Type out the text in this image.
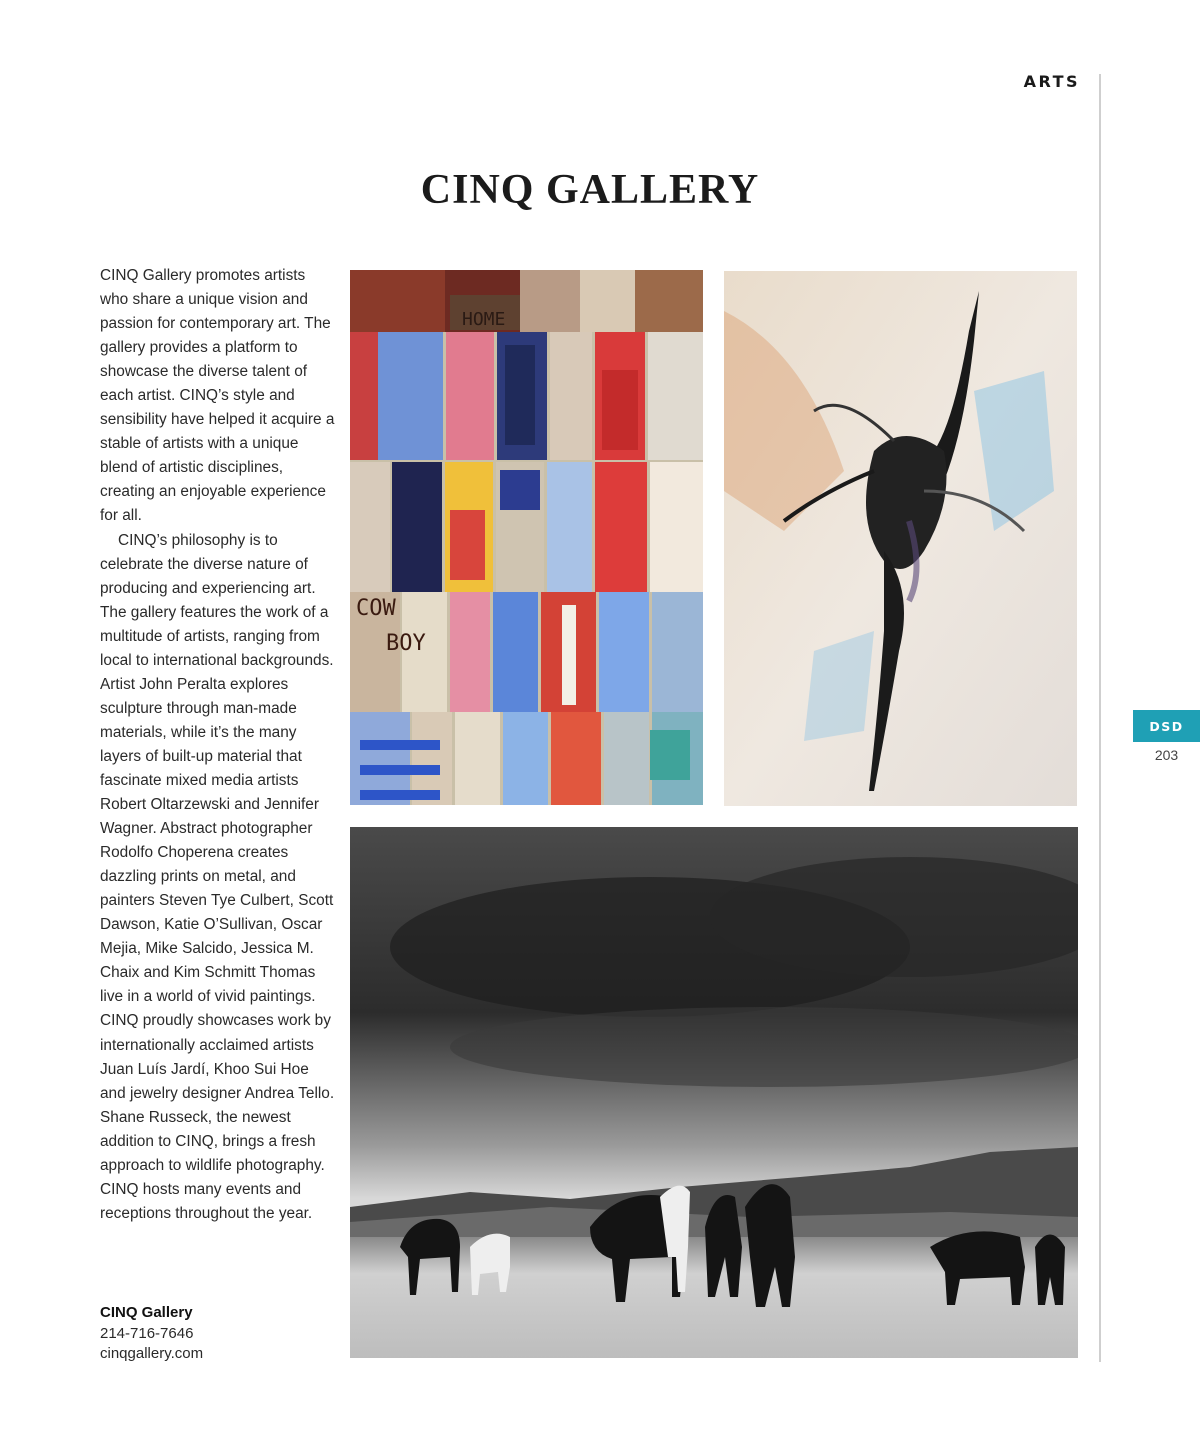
ARTS
CINQ GALLERY

CINQ Gallery promotes artists who share a unique vision and passion for contemporary art. The gallery provides a platform to showcase the diverse talent of each artist. CINQ’s style and sensibility have helped it acquire a stable of artists with a unique blend of artistic disciplines, creating an enjoyable experience for all.

CINQ’s philosophy is to celebrate the diverse nature of producing and experiencing art. The gallery features the work of a multitude of artists, ranging from local to international backgrounds. Artist John Peralta explores sculpture through man-made materials, while it’s the many layers of built-up material that fascinate mixed media artists Robert Oltarzewski and Jennifer Wagner. Abstract photographer Rodolfo Choperena creates dazzling prints on metal, and painters Steven Tye Culbert, Scott Dawson, Katie O’Sullivan, Oscar Mejia, Mike Salcido, Jessica M. Chaix and Kim Schmitt Thomas live in a world of vivid paintings. CINQ proudly showcases work by internationally acclaimed artists Juan Luís Jardí, Khoo Sui Hoe and jewelry designer Andrea Tello. Shane Russeck, the newest addition to CINQ, brings a fresh approach to wildlife photography. CINQ hosts many events and receptions throughout the year.

CINQ Gallery
214-716-7646
cinqgallery.com
DSD
203
HOME
COW
BOY
